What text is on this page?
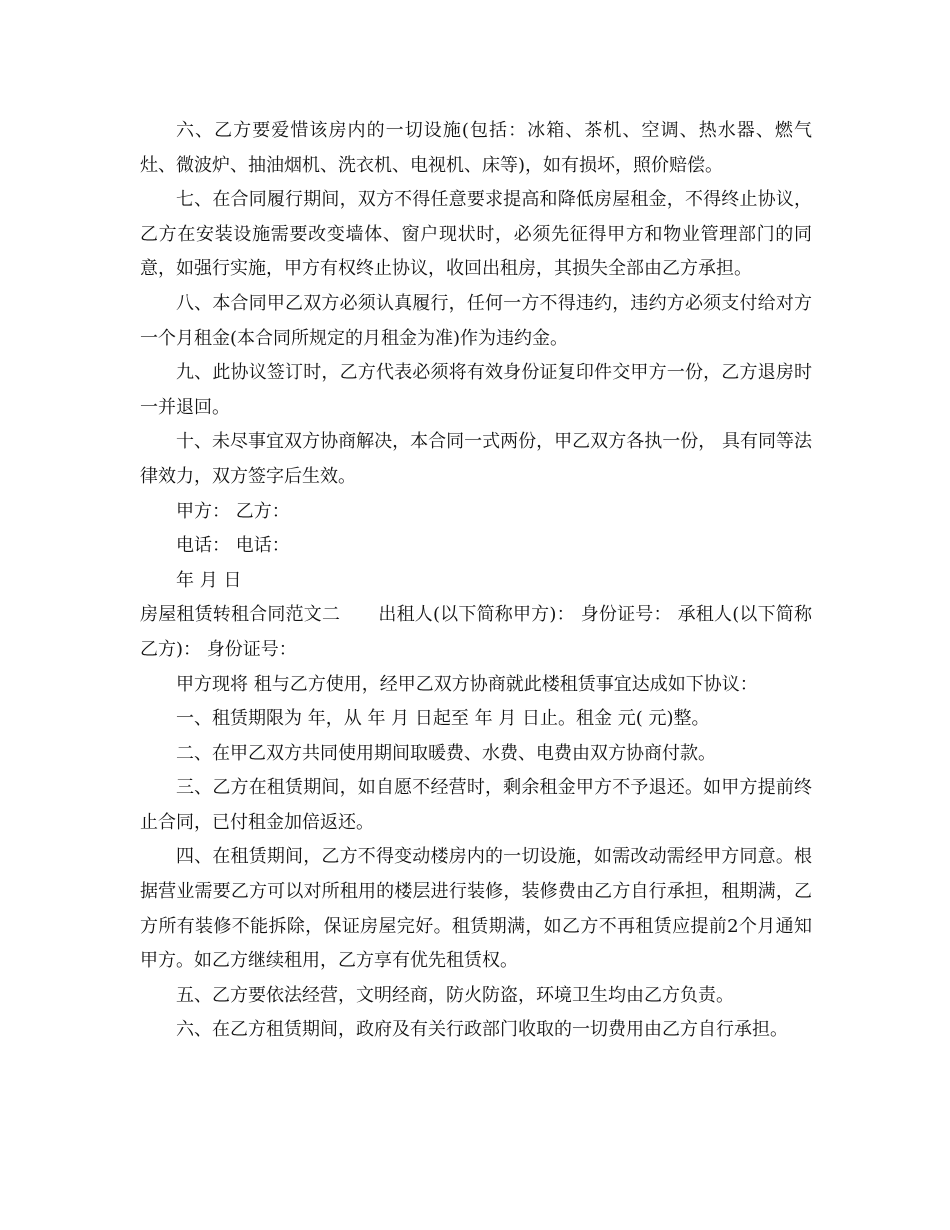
六、乙方要爱惜该房内的一切设施(包括：冰箱、茶机、空调、热水器、燃气灶、微波炉、抽油烟机、洗衣机、电视机、床等)，如有损坏，照价赔偿。

七、在合同履行期间，双方不得任意要求提高和降低房屋租金，不得终止协议，乙方在安装设施需要改变墙体、窗户现状时，必须先征得甲方和物业管理部门的同意，如强行实施，甲方有权终止协议，收回出租房，其损失全部由乙方承担。

八、本合同甲乙双方必须认真履行，任何一方不得违约，违约方必须支付给对方一个月租金(本合同所规定的月租金为准)作为违约金。

九、此协议签订时，乙方代表必须将有效身份证复印件交甲方一份，乙方退房时一并退回。

十、未尽事宜双方协商解决，本合同一式两份，甲乙双方各执一份， 具有同等法律效力，双方签字后生效。

甲方： 乙方：

电话： 电话：

年 月 日

房屋租赁转租合同范文二 出租人(以下简称甲方)： 身份证号： 承租人(以下简称乙方)： 身份证号：

甲方现将 租与乙方使用，经甲乙双方协商就此楼租赁事宜达成如下协议：

一、租赁期限为 年，从 年 月 日起至 年 月 日止。租金 元( 元)整。

二、在甲乙双方共同使用期间取暖费、水费、电费由双方协商付款。

三、乙方在租赁期间，如自愿不经营时，剩余租金甲方不予退还。如甲方提前终止合同，已付租金加倍返还。

四、在租赁期间，乙方不得变动楼房内的一切设施，如需改动需经甲方同意。根据营业需要乙方可以对所租用的楼层进行装修，装修费由乙方自行承担，租期满，乙方所有装修不能拆除，保证房屋完好。租赁期满，如乙方不再租赁应提前2个月通知甲方。如乙方继续租用，乙方享有优先租赁权。

五、乙方要依法经营，文明经商，防火防盗，环境卫生均由乙方负责。

六、在乙方租赁期间，政府及有关行政部门收取的一切费用由乙方自行承担。
